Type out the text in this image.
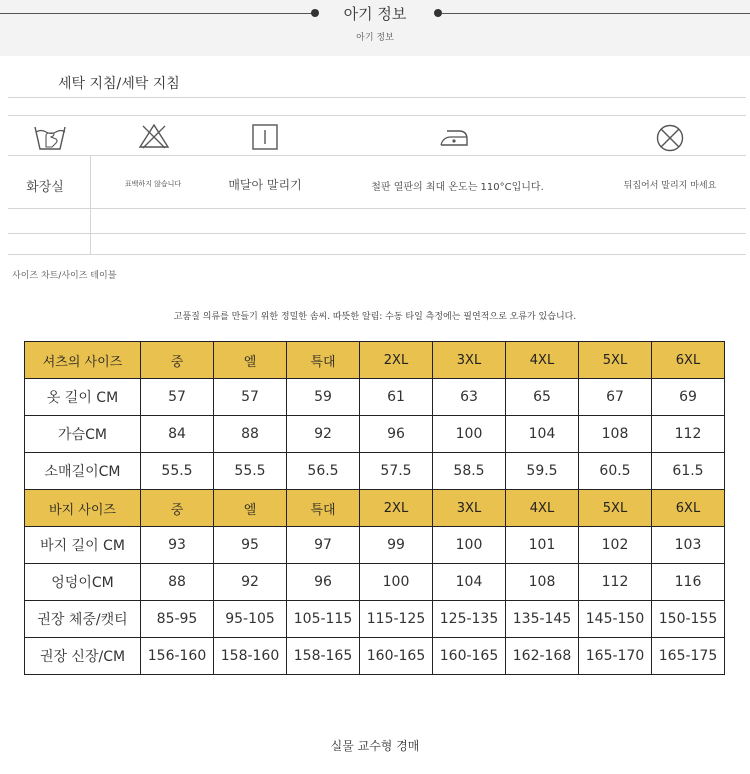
아기 정보
아기 정보
세탁 지침/세탁 지침
화장실	표백하지 않습니다	매달아 말리기	철판 열판의 최대 온도는 110°C입니다.	뒤집어서 말리지 마세요
사이즈 차트/사이즈 테이블
고품질 의류를 만들기 위한 정밀한 솜씨. 따뜻한 알림: 수동 타일 측정에는 필연적으로 오류가 있습니다.
셔츠의 사이즈	중	엘	특대	2XL	3XL	4XL	5XL	6XL
옷 길이 CM	57	57	59	61	63	65	67	69
가슴CM	84	88	92	96	100	104	108	112
소매길이CM	55.5	55.5	56.5	57.5	58.5	59.5	60.5	61.5
바지 사이즈	중	엘	특대	2XL	3XL	4XL	5XL	6XL
바지 길이 CM	93	95	97	99	100	101	102	103
엉덩이CM	88	92	96	100	104	108	112	116
권장 체중/캣티	85-95	95-105	105-115	115-125	125-135	135-145	145-150	150-155
권장 신장/CM	156-160	158-160	158-165	160-165	160-165	162-168	165-170	165-175
실물 교수형 경매
